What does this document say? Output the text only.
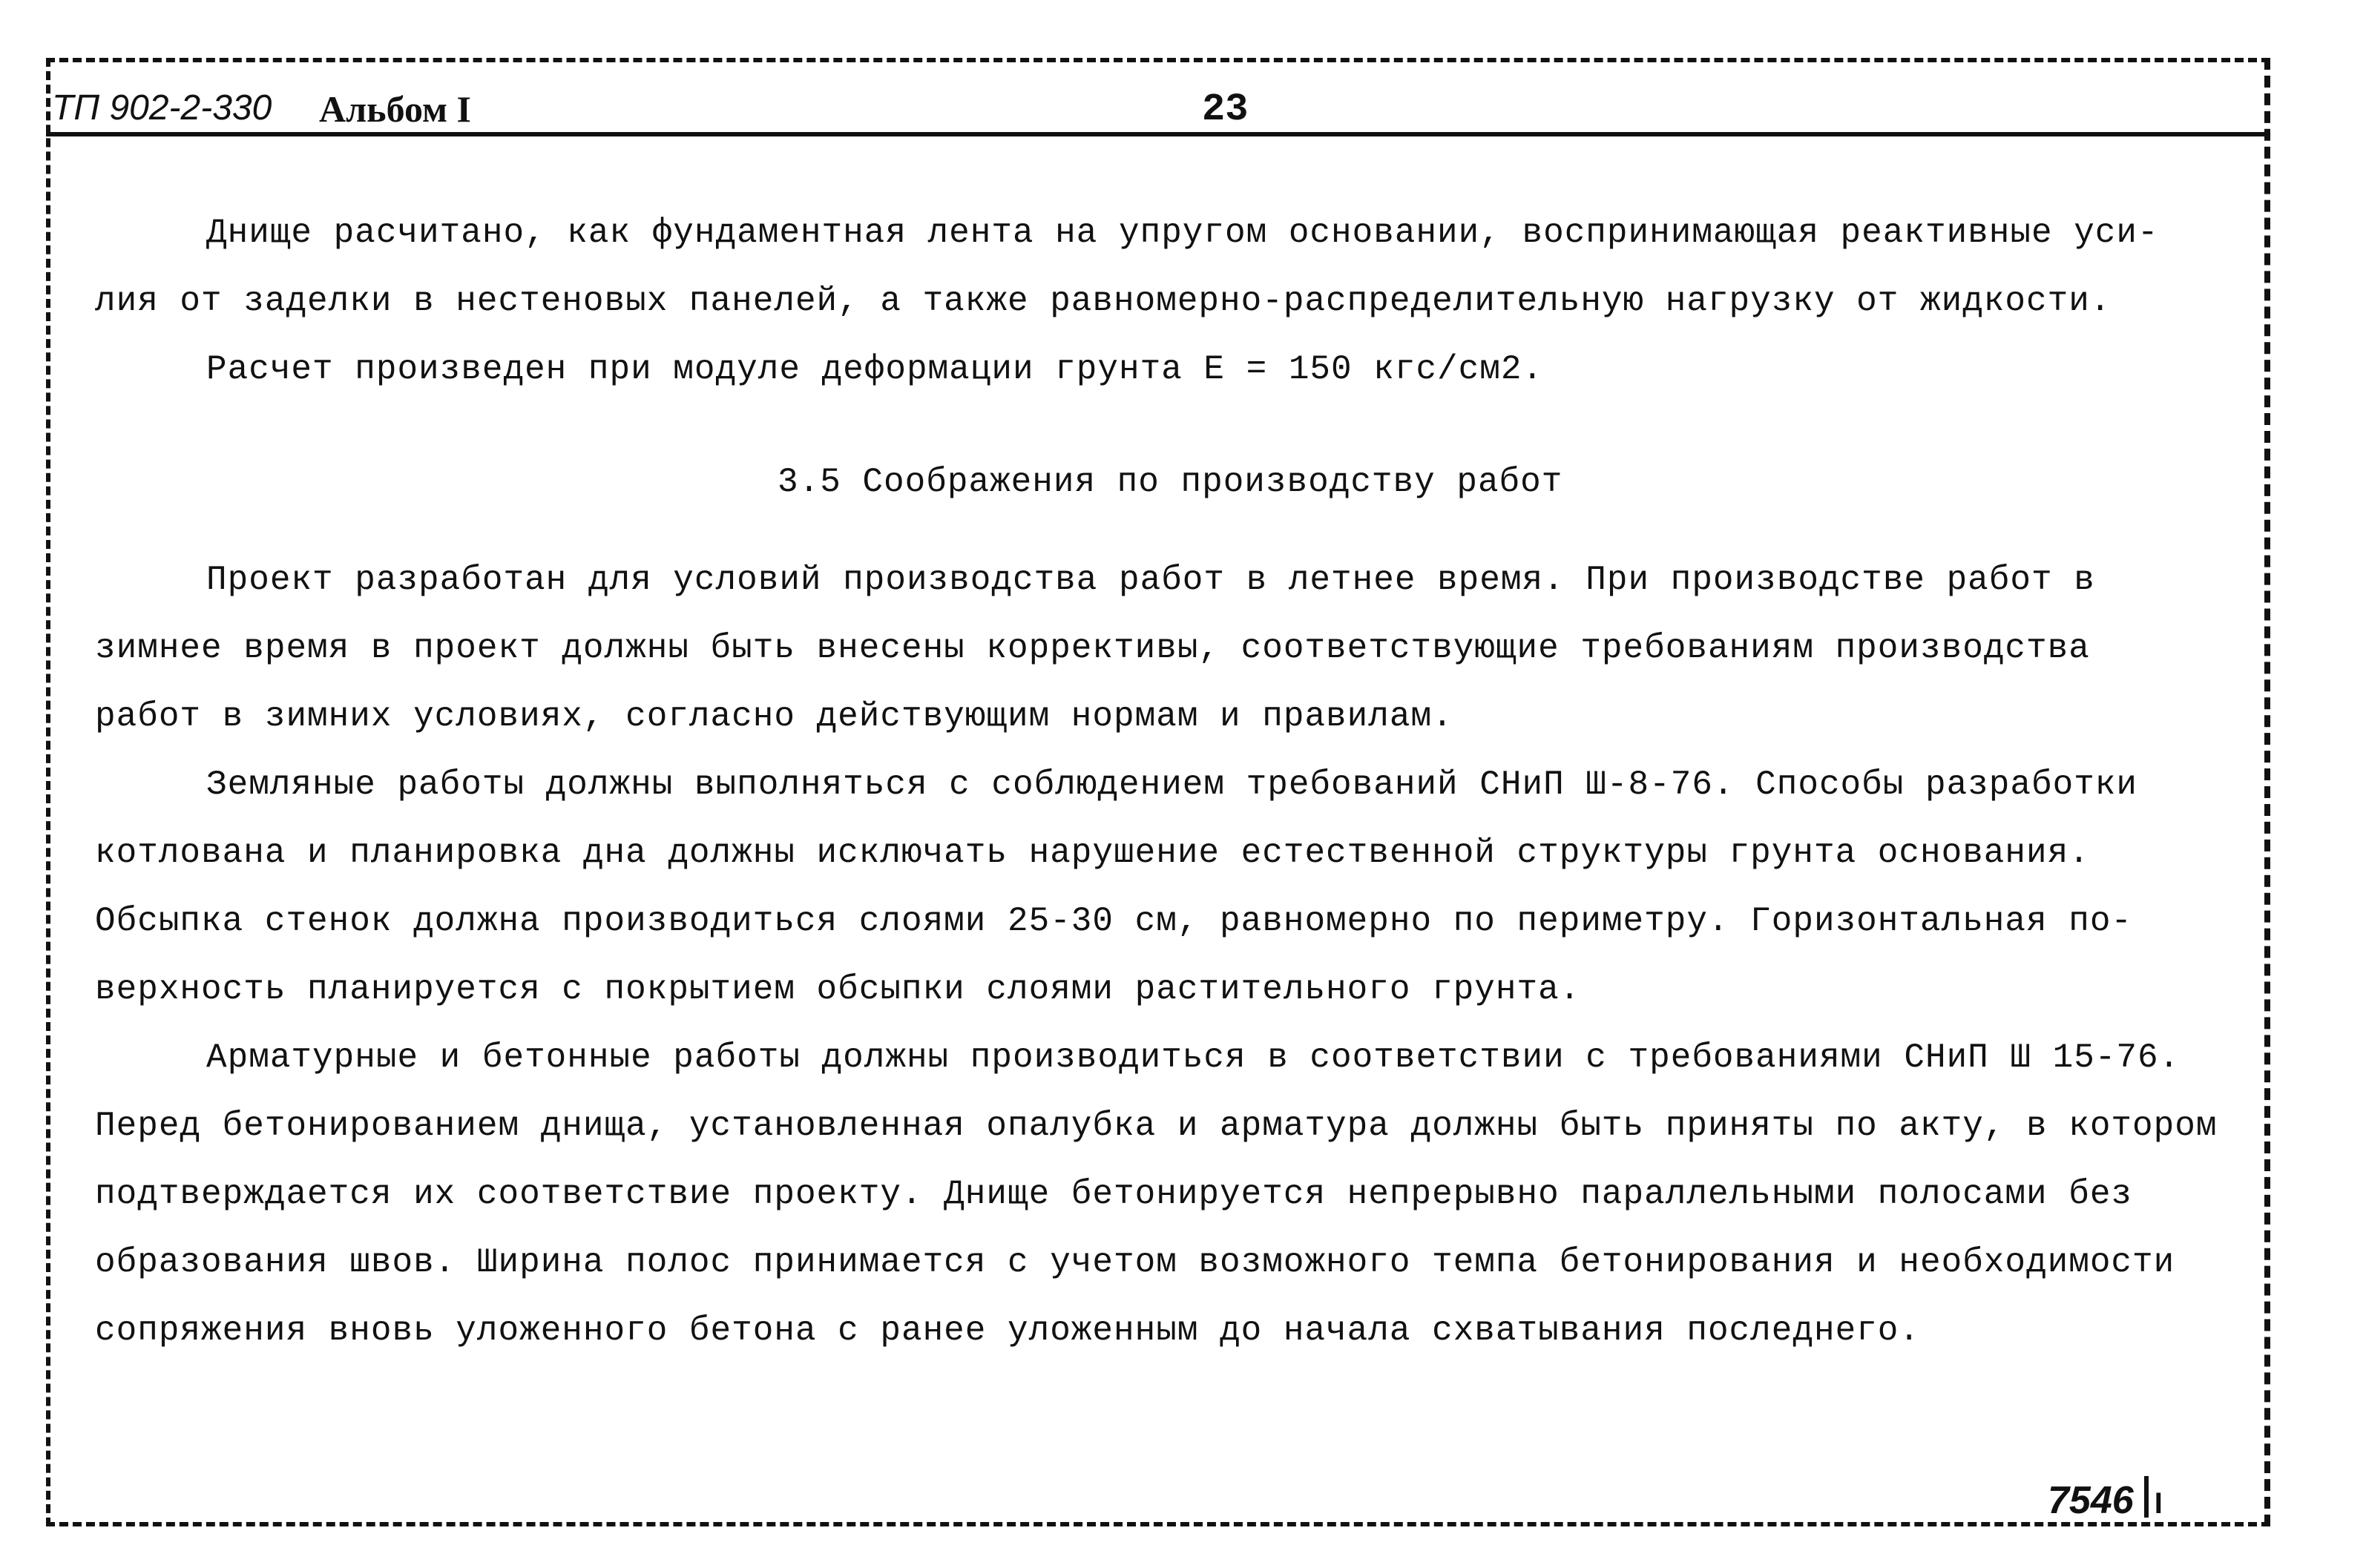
ТП 902-2-330 Альбом I	23
Днище расчитано, как фундаментная лента на упругом основании, воспринимающая реактивные уси-
лия от заделки в нестеновых панелей, а также равномерно-распределительную нагрузку от жидкости.
Расчет произведен при модуле деформации грунта Е = 150 кгс/см2.
3.5 Соображения по производству работ
Проект разработан для условий производства работ в летнее время. При производстве работ в
зимнее время в проект должны быть внесены коррективы, соответствующие требованиям производства
работ в зимних условиях, согласно действующим нормам и правилам.
Земляные работы должны выполняться с соблюдением требований СНиП Ш-8-76. Способы разработки
котлована и планировка дна должны исключать нарушение естественной структуры грунта основания.
Обсыпка стенок должна производиться слоями 25-30 см, равномерно по периметру. Горизонтальная по-
верхность планируется с покрытием обсыпки слоями растительного грунта.
Арматурные и бетонные работы должны производиться в соответствии с требованиями СНиП Ш 15-76.
Перед бетонированием днища, установленная опалубка и арматура должны быть приняты по акту, в котором
подтверждается их соответствие проекту. Днище бетонируется непрерывно параллельными полосами без
образования швов. Ширина полос принимается с учетом возможного темпа бетонирования и необходимости
сопряжения вновь уложенного бетона с ранее уложенным до начала схватывания последнего.
7546 I
